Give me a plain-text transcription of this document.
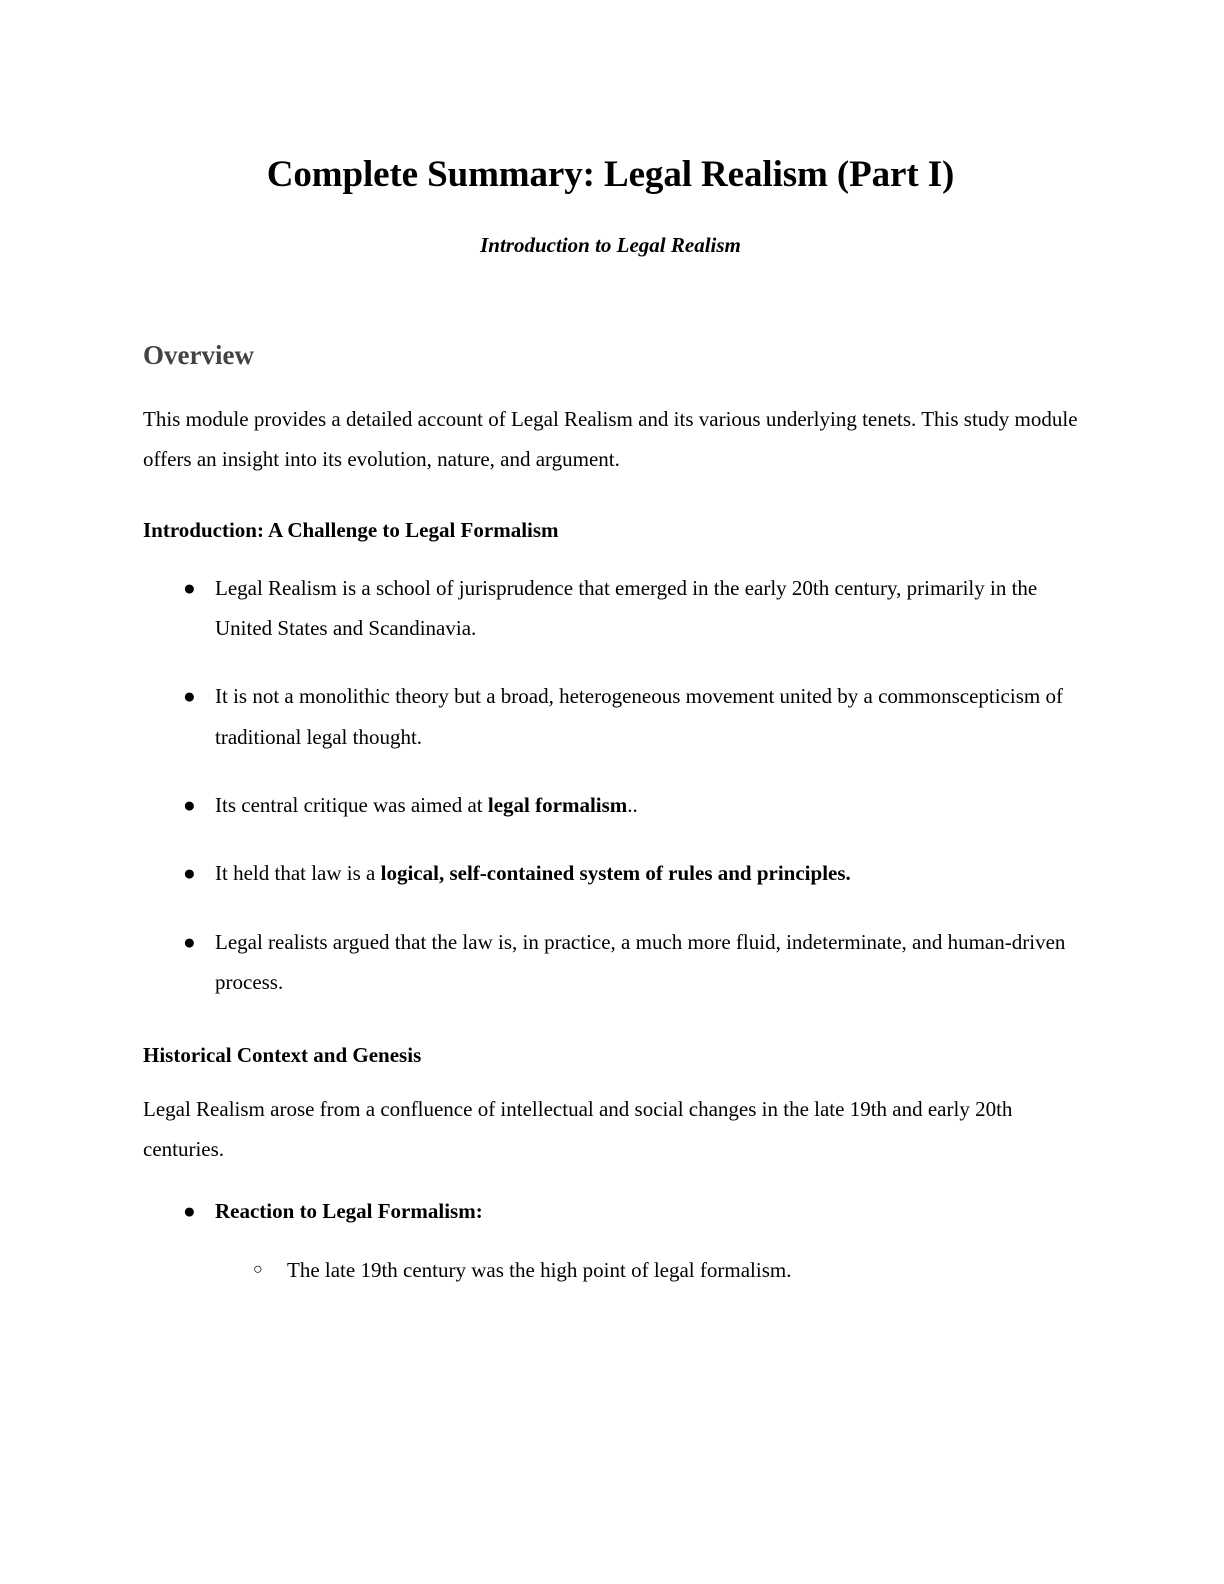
Complete Summary: Legal Realism (Part I)

Introduction to Legal Realism

Overview

This module provides a detailed account of Legal Realism and its various underlying tenets. This study module offers an insight into its evolution, nature, and argument.

Introduction: A Challenge to Legal Formalism
● Legal Realism is a school of jurisprudence that emerged in the early 20th century, primarily in the United States and Scandinavia.
● It is not a monolithic theory but a broad, heterogeneous movement united by a commonscepticism of traditional legal thought.
● Its central critique was aimed at legal formalism..
● It held that law is a logical, self-contained system of rules and principles.
● Legal realists argued that the law is, in practice, a much more fluid, indeterminate, and human-driven process.
Historical Context and Genesis

Legal Realism arose from a confluence of intellectual and social changes in the late 19th and early 20th centuries.

● Reaction to Legal Formalism:
○ The late 19th century was the high point of legal formalism.
